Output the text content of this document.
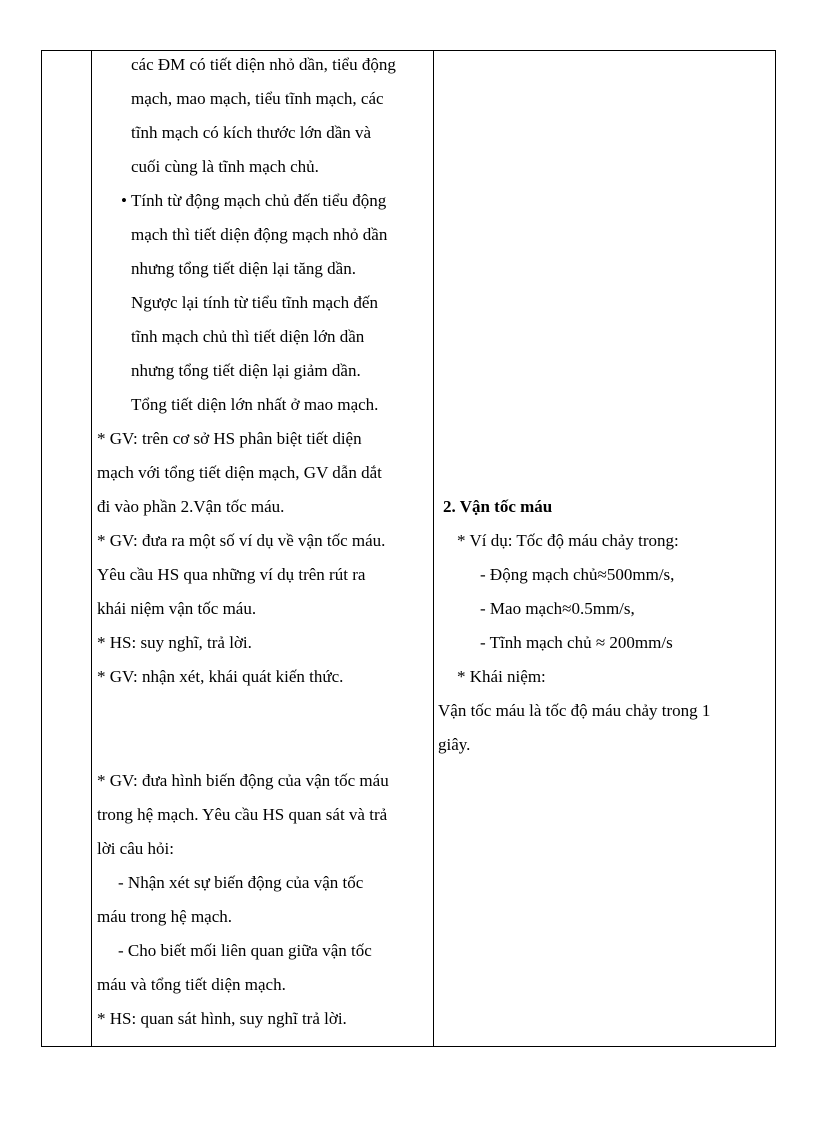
các ĐM có tiết diện nhỏ dần, tiểu động
mạch, mao mạch, tiểu tĩnh mạch, các
tĩnh mạch có kích thước lớn dần và
cuối cùng là tĩnh mạch chủ.
• Tính từ động mạch chủ đến tiểu động
mạch thì tiết diện động mạch nhỏ dần
nhưng tổng tiết diện lại tăng dần.
Ngược lại tính từ tiểu tĩnh mạch đến
tĩnh mạch chủ thì tiết diện lớn dần
nhưng tổng tiết diện lại giảm dần.
Tổng tiết diện lớn nhất ở mao mạch.
* GV: trên cơ sở HS phân biệt tiết diện
mạch với tổng tiết diện mạch, GV dẫn dắt
đi vào phần 2.Vận tốc máu.
* GV: đưa ra một số ví dụ về vận tốc máu.
Yêu cầu HS qua những ví dụ trên rút ra
khái niệm vận tốc máu.
* HS: suy nghĩ, trả lời.
* GV: nhận xét, khái quát kiến thức.
* GV: đưa hình biến động của vận tốc máu
trong hệ mạch. Yêu cầu HS quan sát và trả
lời câu hỏi:
- Nhận xét sự biến động của vận tốc
máu trong hệ mạch.
- Cho biết mối liên quan giữa vận tốc
máu và tổng tiết diện mạch.
* HS: quan sát hình, suy nghĩ trả lời.
2. Vận tốc máu
* Ví dụ: Tốc độ máu chảy trong:
- Động mạch chủ≈500mm/s,
- Mao mạch≈0.5mm/s,
- Tĩnh mạch chủ ≈ 200mm/s
* Khái niệm:
Vận tốc máu là tốc độ máu chảy trong 1
giây.
